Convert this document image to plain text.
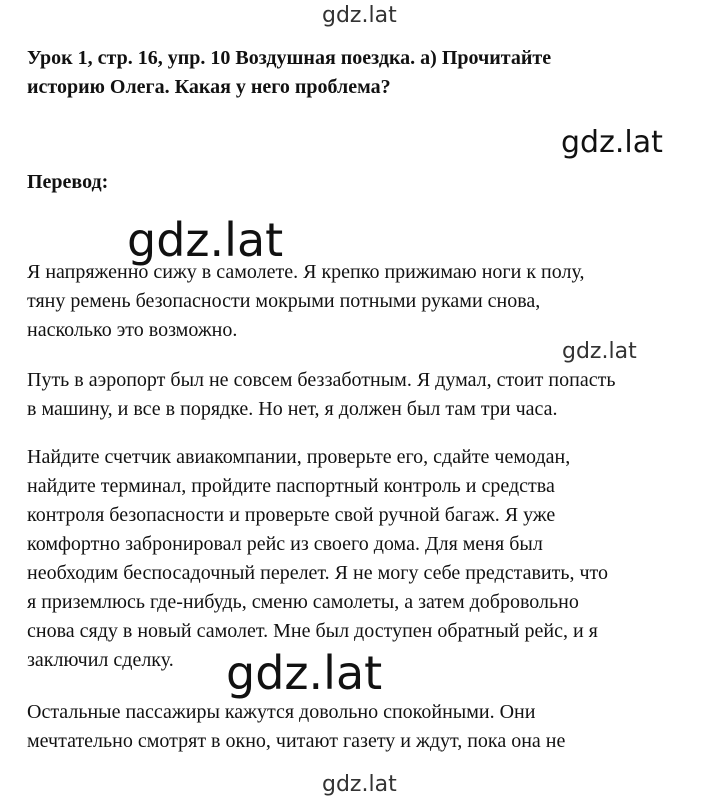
gdz.lat
Урок 1, стр. 16, упр. 10 Воздушная поездка. а) Прочитайте
историю Олега. Какая у него проблема?
gdz.lat
Перевод:
gdz.lat

Я напряженно сижу в самолете. Я крепко прижимаю ноги к полу,
тяну ремень безопасности мокрыми потными руками снова,
насколько это возможно.

gdz.lat

Путь в аэропорт был не совсем беззаботным. Я думал, стоит попасть
в машину, и все в порядке. Но нет, я должен был там три часа.

Найдите счетчик авиакомпании, проверьте его, сдайте чемодан,
найдите терминал, пройдите паспортный контроль и средства
контроля безопасности и проверьте свой ручной багаж. Я уже
комфортно забронировал рейс из своего дома. Для меня был
необходим беспосадочный перелет. Я не могу себе представить, что
я приземлюсь где-нибудь, сменю самолеты, а затем добровольно
снова сяду в новый самолет. Мне был доступен обратный рейс, и я
заключил сделку.	gdz.lat

Остальные пассажиры кажутся довольно спокойными. Они
мечтательно смотрят в окно, читают газету и ждут, пока она не

gdz.lat
